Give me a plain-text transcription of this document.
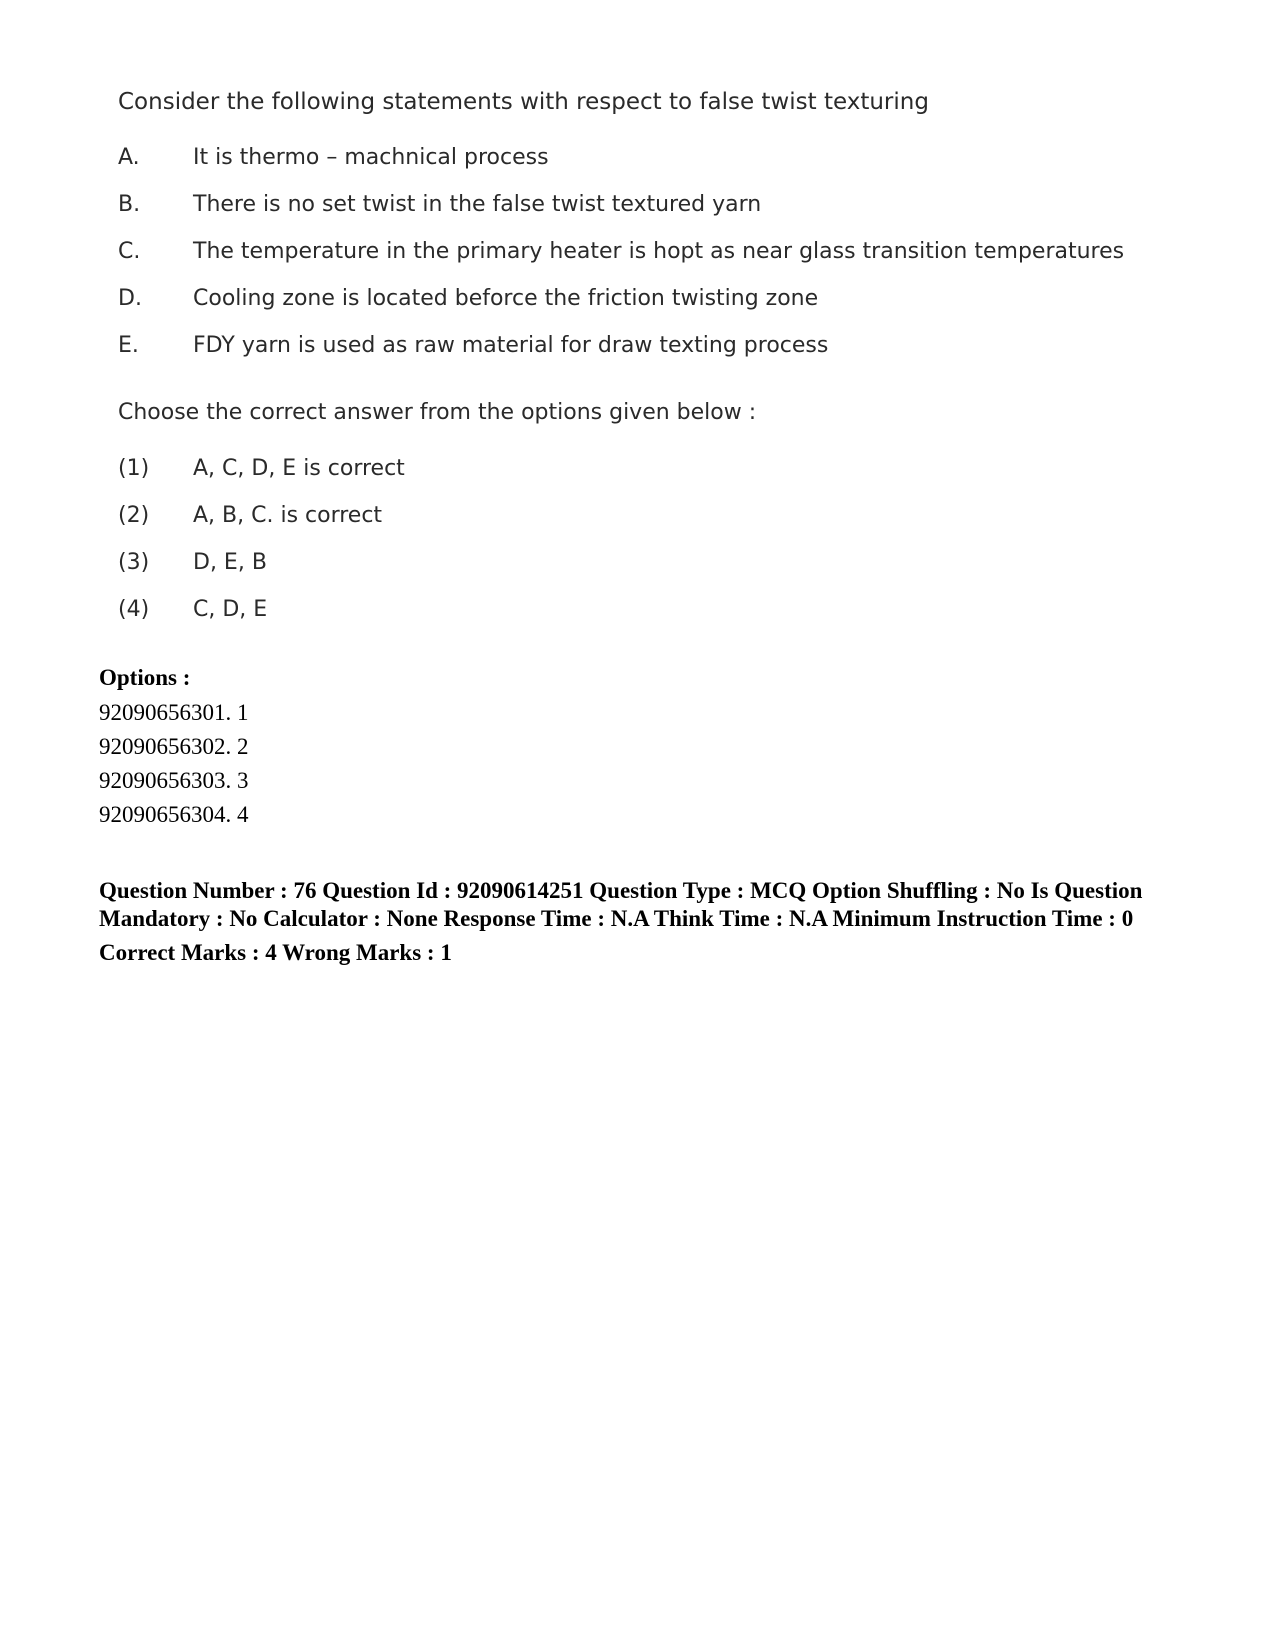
Consider the following statements with respect to false twist texturing
A.	It is thermo – machnical process
B.	There is no set twist in the false twist textured yarn
C.	The temperature in the primary heater is hopt as near glass transition temperatures
D.	Cooling zone is located beforce the friction twisting zone
E.	FDY yarn is used as raw material for draw texting process
Choose the correct answer from the options given below :
(1)	A, C, D, E is correct
(2)	A, B, C. is correct
(3)	D, E, B
(4)	C, D, E
Options :
92090656301. 1
92090656302. 2
92090656303. 3
92090656304. 4
Question Number : 76 Question Id : 92090614251 Question Type : MCQ Option Shuffling : No Is Question Mandatory : No Calculator : None Response Time : N.A Think Time : N.A Minimum Instruction Time : 0
Correct Marks : 4 Wrong Marks : 1
